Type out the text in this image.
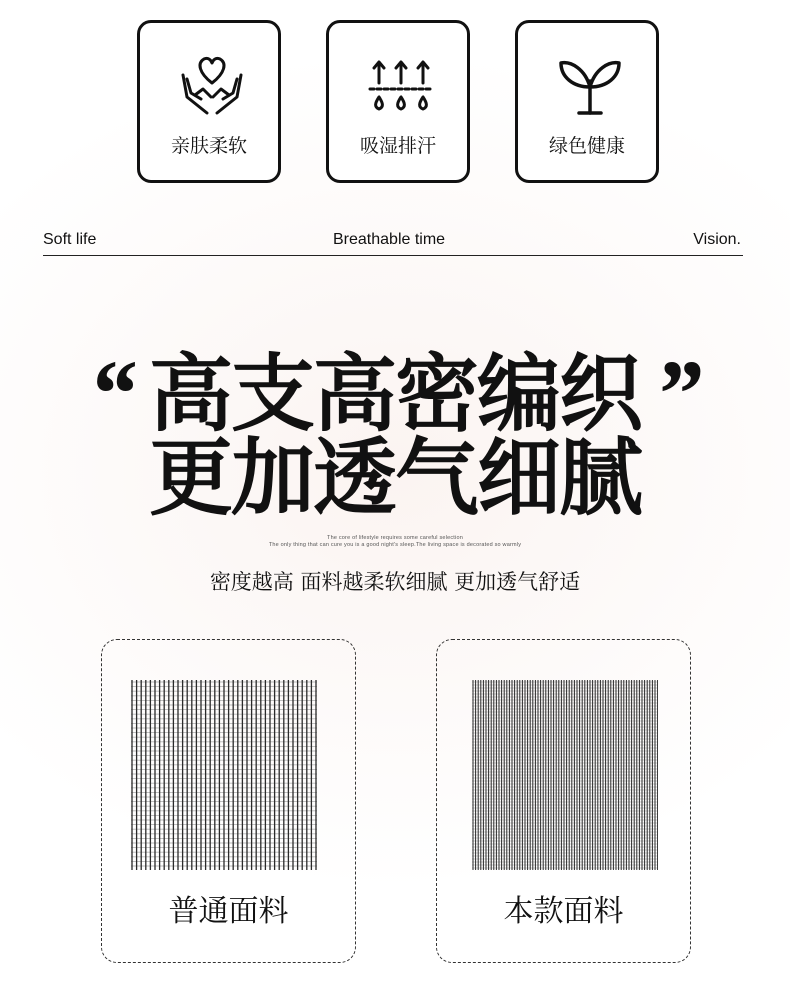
亲肤柔软	吸湿排汗	绿色健康
Soft life	Breathable time	Vision.
“	”
高支高密编织
更加透气细腻
The core of lifestyle requires some careful selection
The only thing that can cure you is a good night's sleep.The living space is decorated so warmly
密度越高 面料越柔软细腻 更加透气舒适
普通面料	本款面料
